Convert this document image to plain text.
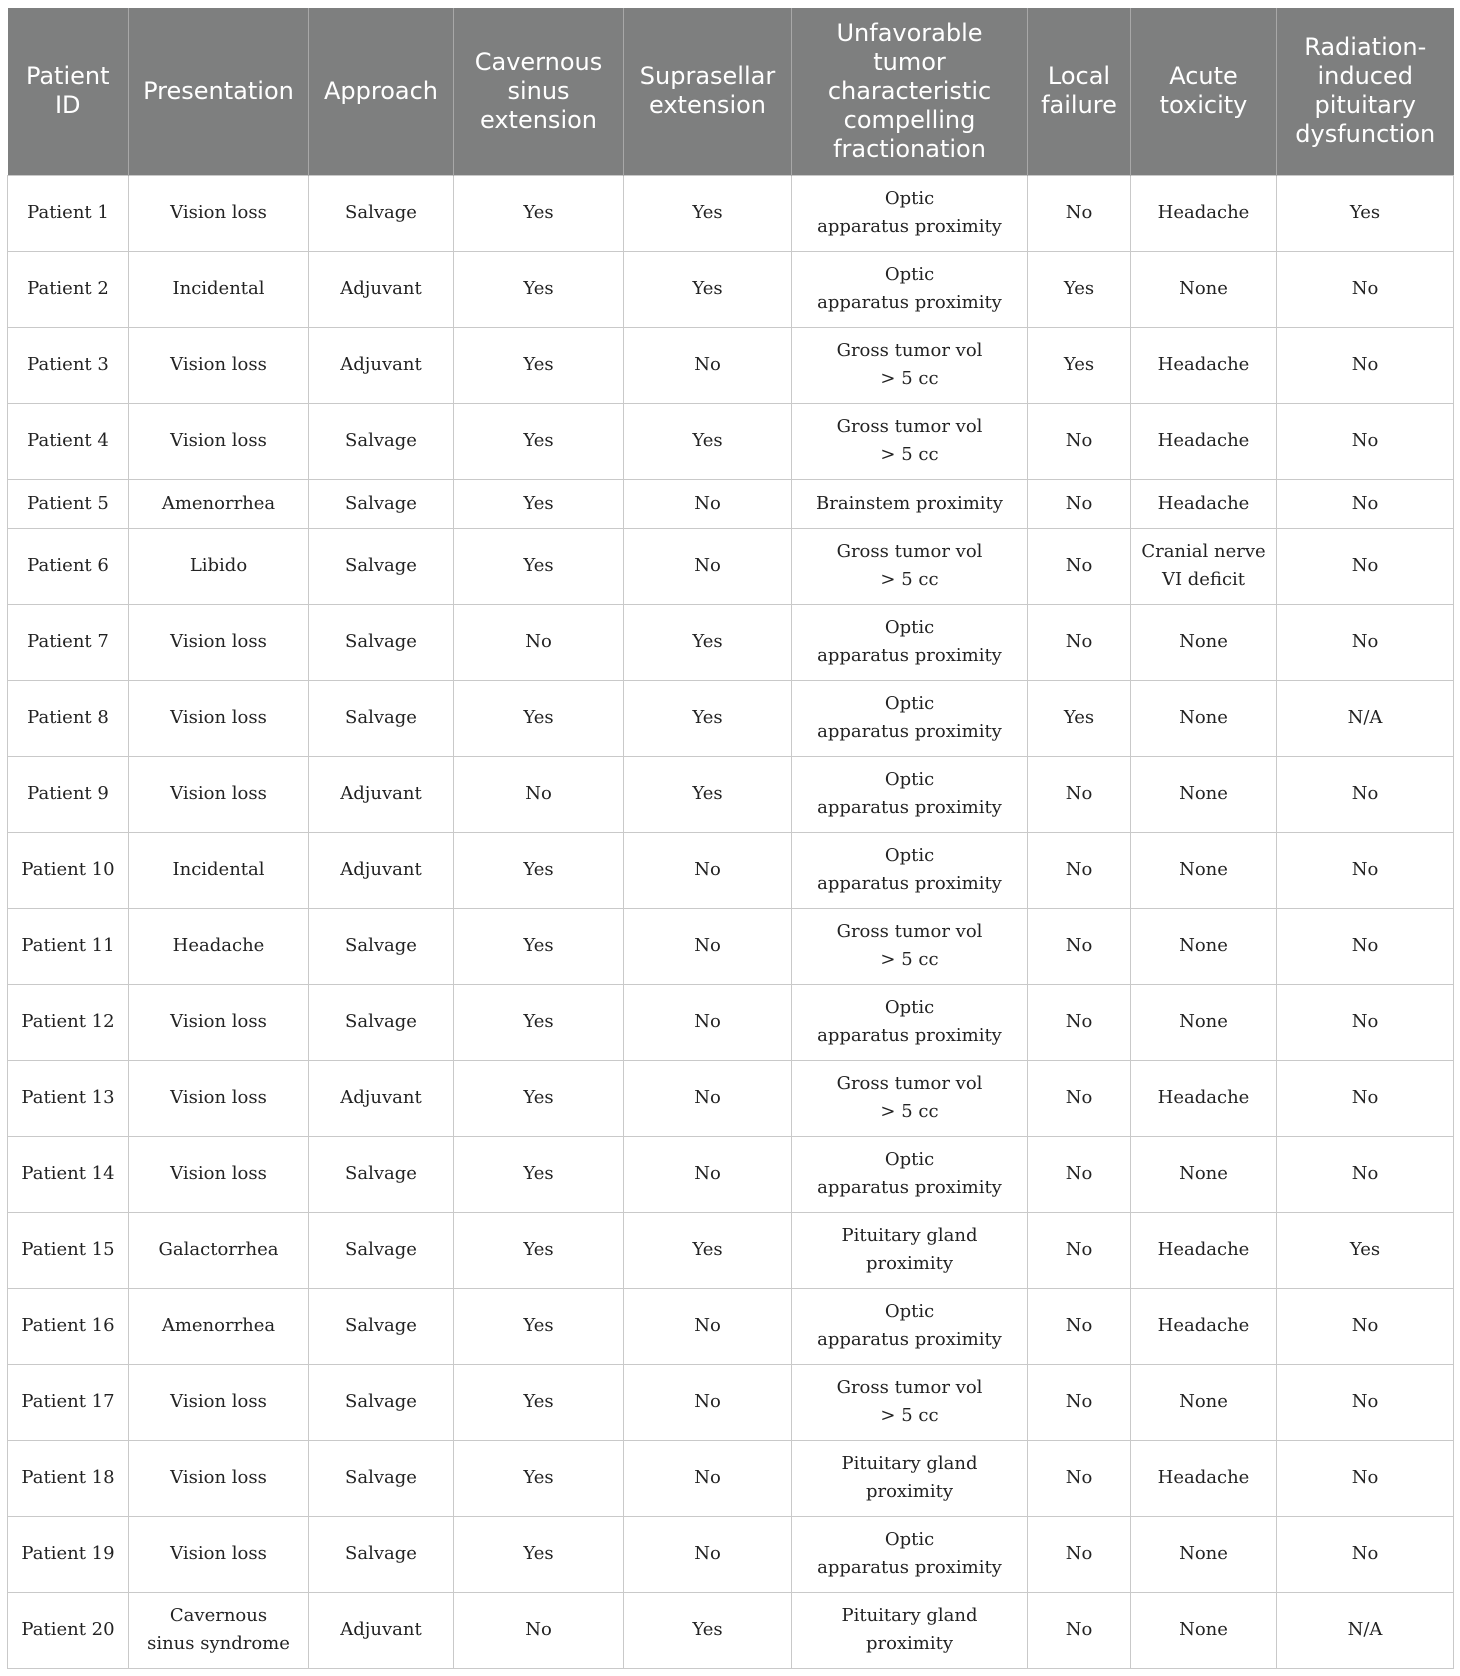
Patient
ID	Presentation	Approach	Cavernous
sinus
extension	Suprasellar
extension	Unfavorable
tumor
characteristic
compelling
fractionation	Local
failure	Acute
toxicity	Radiation-
induced
pituitary
dysfunction

Patient 1	Vision loss	Salvage	Yes	Yes	Optic
apparatus proximity	No	Headache	Yes

Patient 2	Incidental	Adjuvant	Yes	Yes	Optic
apparatus proximity	Yes	None	No

Patient 3	Vision loss	Adjuvant	Yes	No	Gross tumor vol
> 5 cc	Yes	Headache	No

Patient 4	Vision loss	Salvage	Yes	Yes	Gross tumor vol
> 5 cc	No	Headache	No

Patient 5	Amenorrhea	Salvage	Yes	No	Brainstem proximity	No	Headache	No

Patient 6	Libido	Salvage	Yes	No	Gross tumor vol
> 5 cc	No	Cranial nerve
VI deficit	No

Patient 7	Vision loss	Salvage	No	Yes	Optic
apparatus proximity	No	None	No

Patient 8	Vision loss	Salvage	Yes	Yes	Optic
apparatus proximity	Yes	None	N/A

Patient 9	Vision loss	Adjuvant	No	Yes	Optic
apparatus proximity	No	None	No

Patient 10	Incidental	Adjuvant	Yes	No	Optic
apparatus proximity	No	None	No

Patient 11	Headache	Salvage	Yes	No	Gross tumor vol
> 5 cc	No	None	No

Patient 12	Vision loss	Salvage	Yes	No	Optic
apparatus proximity	No	None	No

Patient 13	Vision loss	Adjuvant	Yes	No	Gross tumor vol
> 5 cc	No	Headache	No

Patient 14	Vision loss	Salvage	Yes	No	Optic
apparatus proximity	No	None	No

Patient 15	Galactorrhea	Salvage	Yes	Yes	Pituitary gland
proximity	No	Headache	Yes

Patient 16	Amenorrhea	Salvage	Yes	No	Optic
apparatus proximity	No	Headache	No

Patient 17	Vision loss	Salvage	Yes	No	Gross tumor vol
> 5 cc	No	None	No

Patient 18	Vision loss	Salvage	Yes	No	Pituitary gland
proximity	No	Headache	No

Patient 19	Vision loss	Salvage	Yes	No	Optic
apparatus proximity	No	None	No

Patient 20	Cavernous
sinus syndrome	Adjuvant	No	Yes	Pituitary gland
proximity	No	None	N/A
